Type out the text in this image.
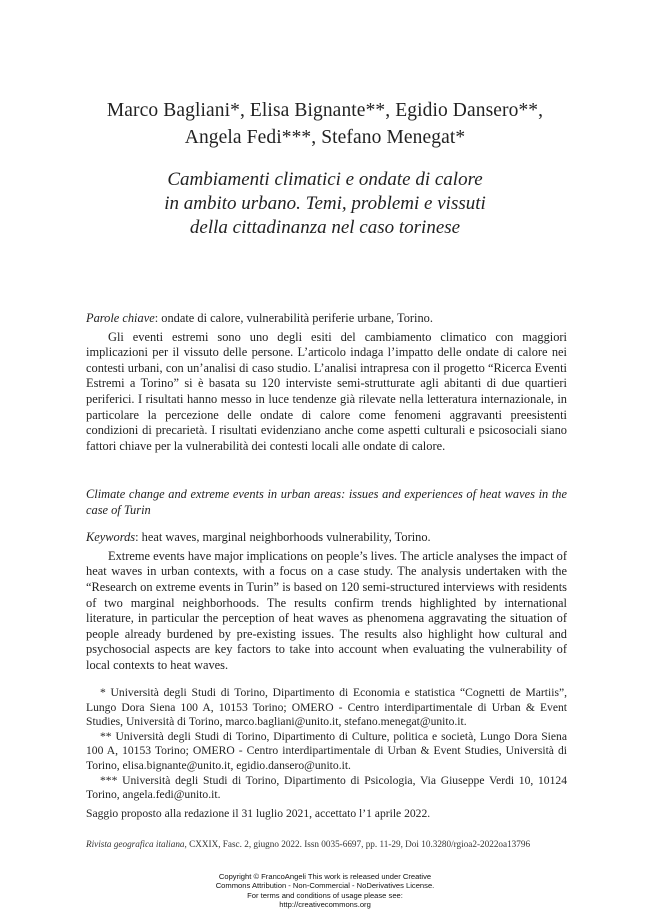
Marco Bagliani*, Elisa Bignante**, Egidio Dansero**,
Angela Fedi***, Stefano Menegat*
Cambiamenti climatici e ondate di calore
in ambito urbano. Temi, problemi e vissuti
della cittadinanza nel caso torinese

Parole chiave: ondate di calore, vulnerabilità periferie urbane, Torino.

Gli eventi estremi sono uno degli esiti del cambiamento climatico con maggiori implicazioni per il vissuto delle persone. L’articolo indaga l’impatto delle ondate di calore nei contesti urbani, con un’analisi di caso studio. L’analisi intrapresa con il progetto “Ricerca Eventi Estremi a Torino” si è basata su 120 interviste semi-strutturate agli abitanti di due quartieri periferici. I risultati hanno messo in luce tendenze già rilevate nella letteratura internazionale, in particolare la percezione delle ondate di calore come fenomeni aggravanti preesistenti condizioni di precarietà. I risultati evidenziano anche come aspetti culturali e psicosociali siano fattori chiave per la vulnerabilità dei contesti locali alle ondate di calore.

Climate change and extreme events in urban areas: issues and experiences of heat waves in the case of Turin

Keywords: heat waves, marginal neighborhoods vulnerability, Torino.

Extreme events have major implications on people’s lives. The article analyses the impact of heat waves in urban contexts, with a focus on a case study. The analysis undertaken with the “Research on extreme events in Turin” is based on 120 semi-structured interviews with residents of two marginal neighborhoods. The results confirm trends highlighted by international literature, in particular the perception of heat waves as phenomena aggravating the situation of people already burdened by pre-existing issues. The results also highlight how cultural and psychosocial aspects are key factors to take into account when evaluating the vulnerability of local contexts to heat waves.

* Università degli Studi di Torino, Dipartimento di Economia e statistica “Cognetti de Martiis”, Lungo Dora Siena 100 A, 10153 Torino; OMERO - Centro interdipartimentale di Urban & Event Studies, Università di Torino, marco.bagliani@unito.it, stefano.menegat@unito.it.

** Università degli Studi di Torino, Dipartimento di Culture, politica e società, Lungo Dora Siena 100 A, 10153 Torino; OMERO - Centro interdipartimentale di Urban & Event Studies, Università di Torino, elisa.bignante@unito.it, egidio.dansero@unito.it.

*** Università degli Studi di Torino, Dipartimento di Psicologia, Via Giuseppe Verdi 10, 10124 Torino, angela.fedi@unito.it.

Saggio proposto alla redazione il 31 luglio 2021, accettato l’1 aprile 2022.

Rivista geografica italiana, CXXIX, Fasc. 2, giugno 2022. Issn 0035-6697, pp. 11-29, Doi 10.3280/rgioa2-2022oa13796
Copyright © FrancoAngeli This work is released under Creative
Commons Attribution - Non-Commercial - NoDerivatives License.
For terms and conditions of usage please see:
http://creativecommons.org
